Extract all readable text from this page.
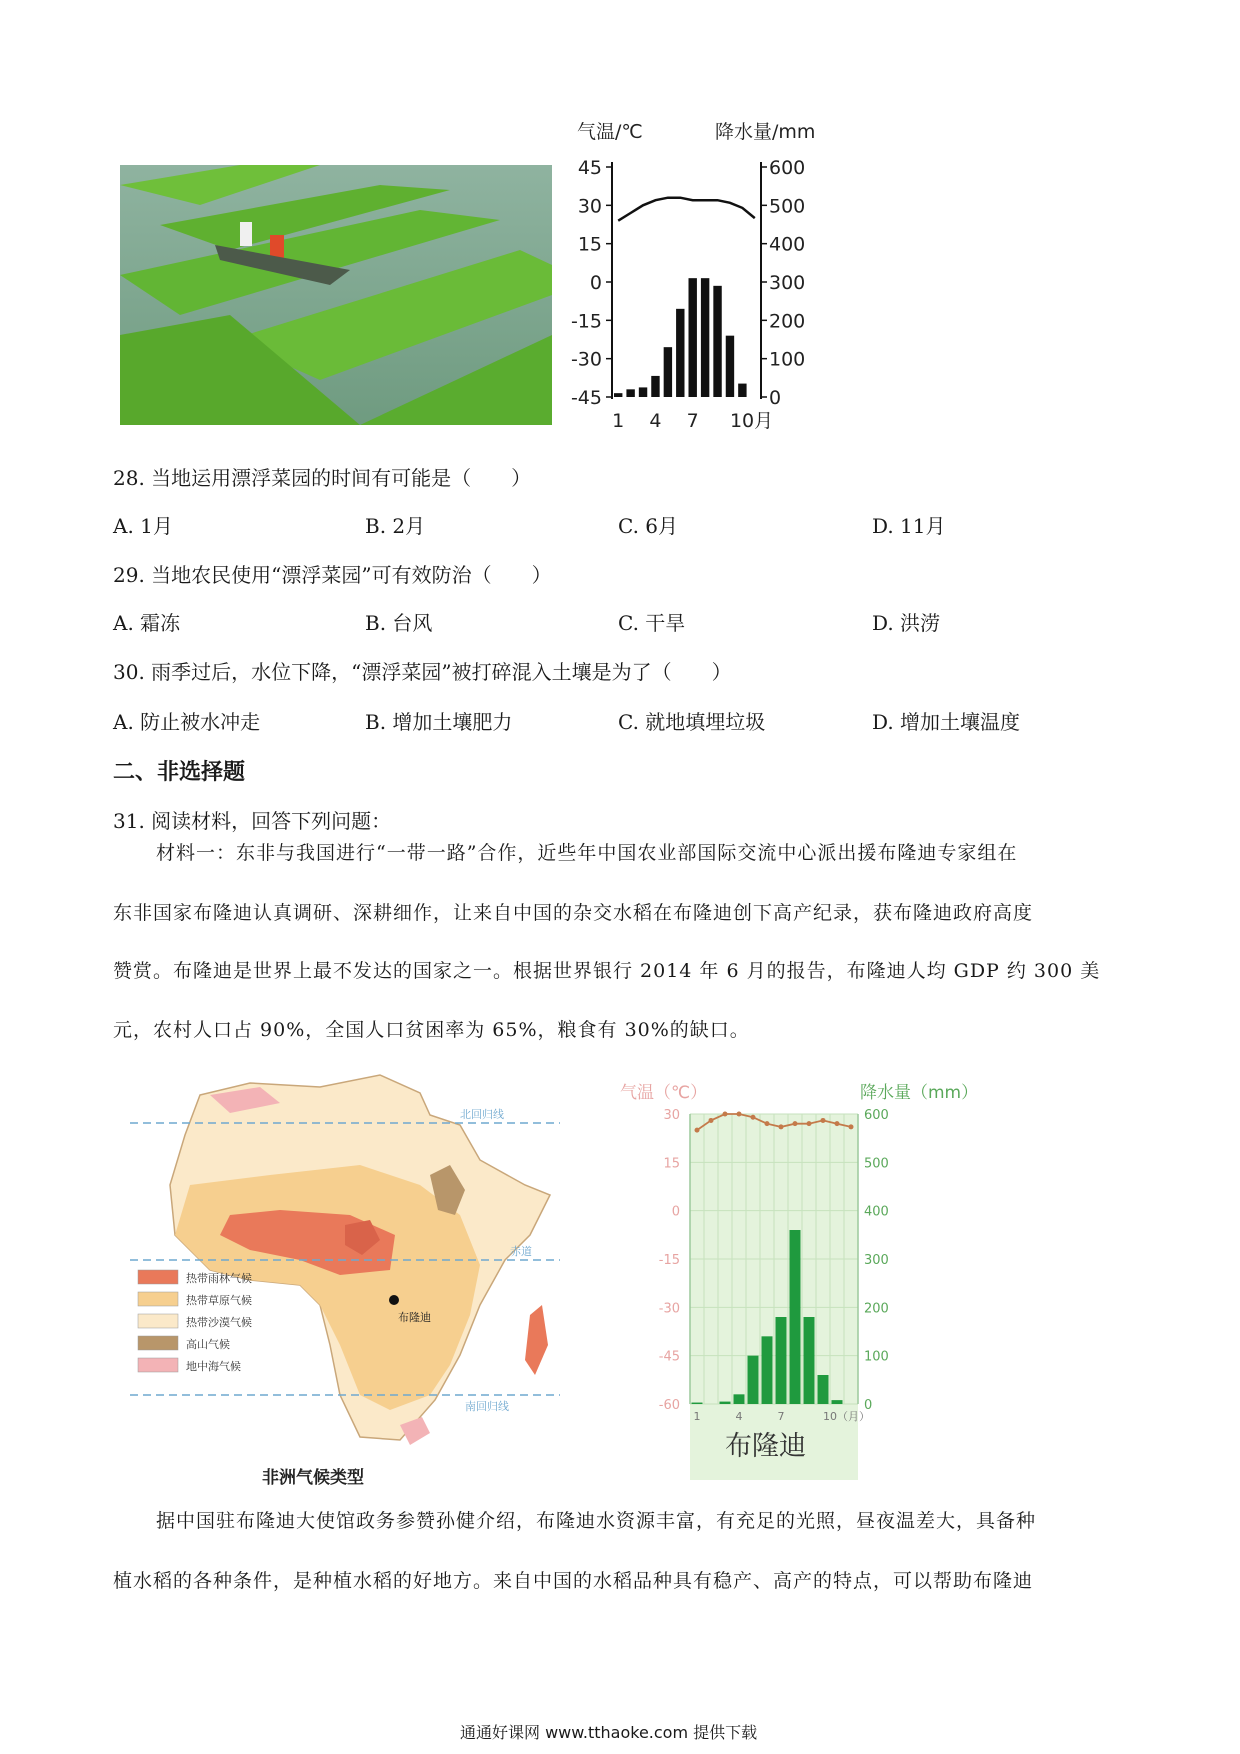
气温/℃	降水量/mm
45
30
15
0
-15
-30
-45
600
500
400
300
200
100
0
1 4 7 10月
28. 当地运用漂浮菜园的时间有可能是（　　）
A. 1月	B. 2月	C. 6月	D. 11月
29. 当地农民使用“漂浮菜园”可有效防治（　　）
A. 霜冻	B. 台风	C. 干旱	D. 洪涝
30. 雨季过后，水位下降，“漂浮菜园”被打碎混入土壤是为了（　　）
A. 防止被水冲走	B. 增加土壤肥力	C. 就地填埋垃圾	D. 增加土壤温度
二、非选择题
31. 阅读材料，回答下列问题：
材料一：东非与我国进行“一带一路”合作，近些年中国农业部国际交流中心派出援布隆迪专家组在
东非国家布隆迪认真调研、深耕细作，让来自中国的杂交水稻在布隆迪创下高产纪录，获布隆迪政府高度
赞赏。布隆迪是世界上最不发达的国家之一。根据世界银行 2014 年 6 月的报告，布隆迪人均 GDP 约 300 美
元，农村人口占 90%，全国人口贫困率为 65%，粮食有 30%的缺口。
北回归线
赤道
南回归线
布隆迪
热带雨林气候
热带草原气候
热带沙漠气候
高山气候
地中海气候
非洲气候类型
气温（℃）	降水量（mm）
30
15
0
-15
-30
-45
-60
600
500
400
300
200
100
0
1	4	7	10（月）
布隆迪
据中国驻布隆迪大使馆政务参赞孙健介绍，布隆迪水资源丰富，有充足的光照，昼夜温差大，具备种
植水稻的各种条件，是种植水稻的好地方。来自中国的水稻品种具有稳产、高产的特点，可以帮助布隆迪
通通好课网 www.tthaoke.com 提供下载
